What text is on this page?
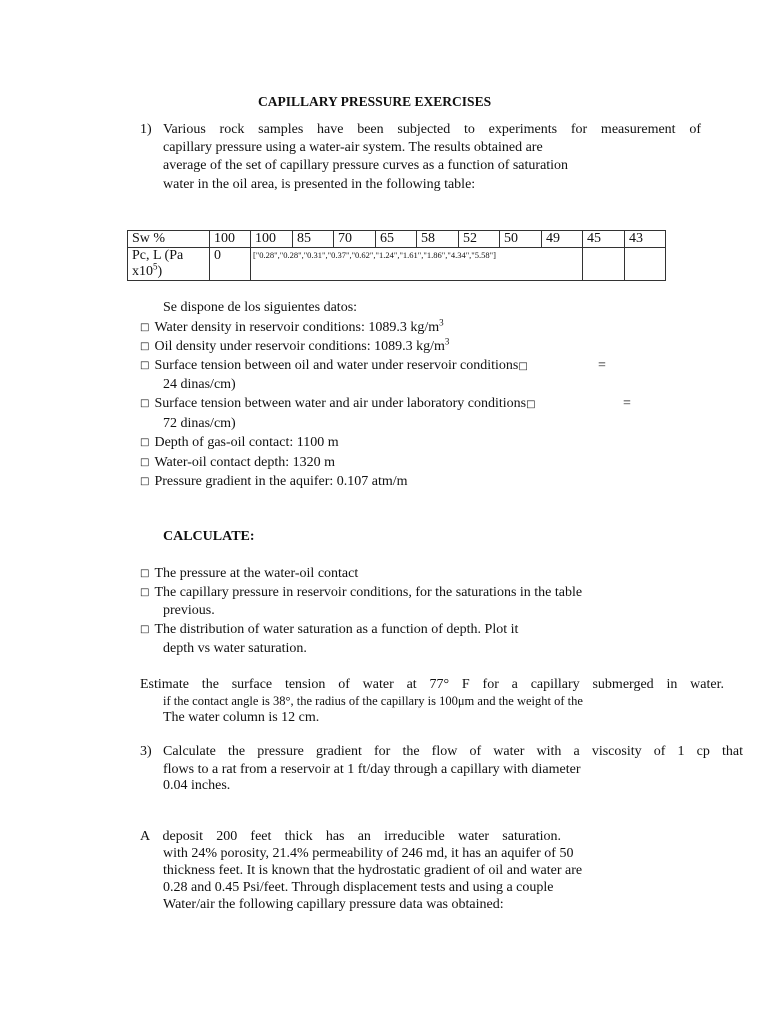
CAPILLARY PRESSURE EXERCISES
1) Various rock samples have been subjected to experiments for measurement of
capillary pressure using a water-air system. The results obtained are
average of the set of capillary pressure curves as a function of saturation
water in the oil area, is presented in the following table:
Sw %	100	100	85	70	65	58	52	50	49	45	43
Pc, L (Pa
$x10^5$)	0	["0.28","0.28","0.31","0.37","0.62","1.24","1.61","1.86","4.34","5.58"]									
Se dispone de los siguientes datos:
□ Water density in reservoir conditions: 1089.3 $kg/m^3$
□ Oil density under reservoir conditions: 1089.3 $kg/m^3$
□ Surface tension between oil and water under reservoir conditions□	=
24 dinas/cm)
□ Surface tension between water and air under laboratory conditions□	=
72 dinas/cm)
□ Depth of gas-oil contact: 1100 m
□ Water-oil contact depth: 1320 m
□ Pressure gradient in the aquifer: 0.107 atm/m
CALCULATE:
□ The pressure at the water-oil contact
□ The capillary pressure in reservoir conditions, for the saturations in the table
previous.
□ The distribution of water saturation as a function of depth. Plot it
depth vs water saturation.
Estimate the surface tension of water at 77° F for a capillary submerged in water.
if the contact angle is 38°, the radius of the capillary is 100μm and the weight of the
The water column is 12 cm.
3) Calculate the pressure gradient for the flow of water with a viscosity of 1 cp that
flows to a rat from a reservoir at 1 ft/day through a capillary with diameter
0.04 inches.
A deposit 200 feet thick has an irreducible water saturation.
with 24% porosity, 21.4% permeability of 246 md, it has an aquifer of 50
thickness feet. It is known that the hydrostatic gradient of oil and water are
0.28 and 0.45 Psi/feet. Through displacement tests and using a couple
Water/air the following capillary pressure data was obtained:
